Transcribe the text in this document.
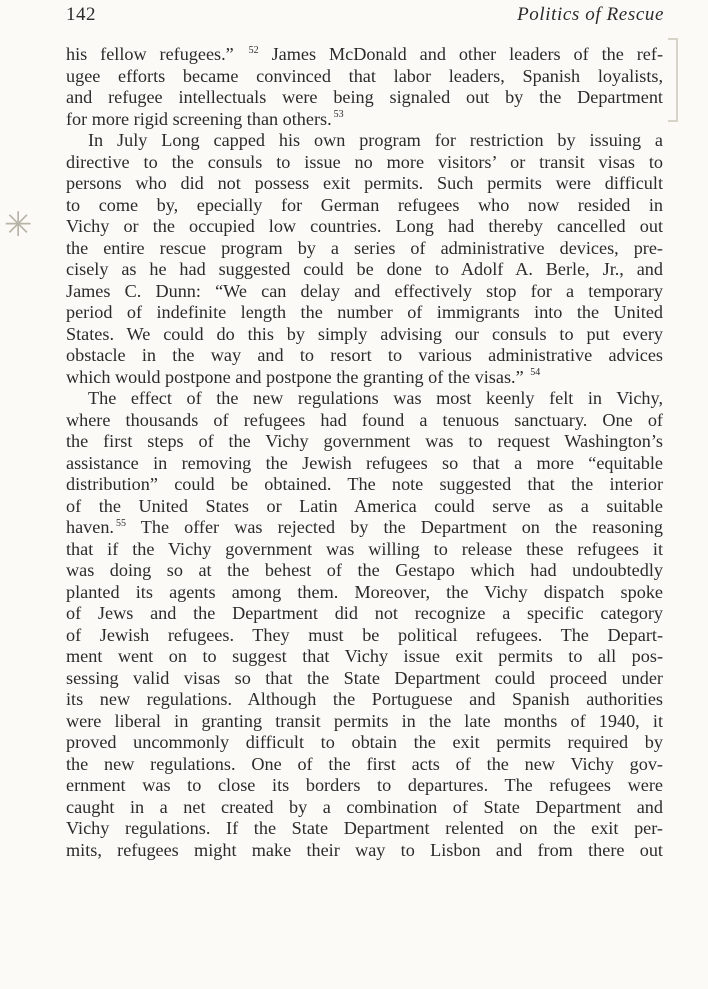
142	Politics of Rescue
✳
his fellow refugees.” $^{52}$ James McDonald and other leaders of the ref-
ugee efforts became convinced that labor leaders, Spanish loyalists,
and refugee intellectuals were being signaled out by the Department
for more rigid screening than others. $^{53}$
In July Long capped his own program for restriction by issuing a
directive to the consuls to issue no more visitors’ or transit visas to
persons who did not possess exit permits. Such permits were difficult
to come by, epecially for German refugees who now resided in
Vichy or the occupied low countries. Long had thereby cancelled out
the entire rescue program by a series of administrative devices, pre-
cisely as he had suggested could be done to Adolf A. Berle, Jr., and
James C. Dunn: “We can delay and effectively stop for a temporary
period of indefinite length the number of immigrants into the United
States. We could do this by simply advising our consuls to put every
obstacle in the way and to resort to various administrative advices
which would postpone and postpone the granting of the visas.” $^{54}$
The effect of the new regulations was most keenly felt in Vichy,
where thousands of refugees had found a tenuous sanctuary. One of
the first steps of the Vichy government was to request Washington’s
assistance in removing the Jewish refugees so that a more “equitable
distribution” could be obtained. The note suggested that the interior
of the United States or Latin America could serve as a suitable
haven. $^{55}$ The offer was rejected by the Department on the reasoning
that if the Vichy government was willing to release these refugees it
was doing so at the behest of the Gestapo which had undoubtedly
planted its agents among them. Moreover, the Vichy dispatch spoke
of Jews and the Department did not recognize a specific category
of Jewish refugees. They must be political refugees. The Depart-
ment went on to suggest that Vichy issue exit permits to all pos-
sessing valid visas so that the State Department could proceed under
its new regulations. Although the Portuguese and Spanish authorities
were liberal in granting transit permits in the late months of 1940, it
proved uncommonly difficult to obtain the exit permits required by
the new regulations. One of the first acts of the new Vichy gov-
ernment was to close its borders to departures. The refugees were
caught in a net created by a combination of State Department and
Vichy regulations. If the State Department relented on the exit per-
mits, refugees might make their way to Lisbon and from there out
